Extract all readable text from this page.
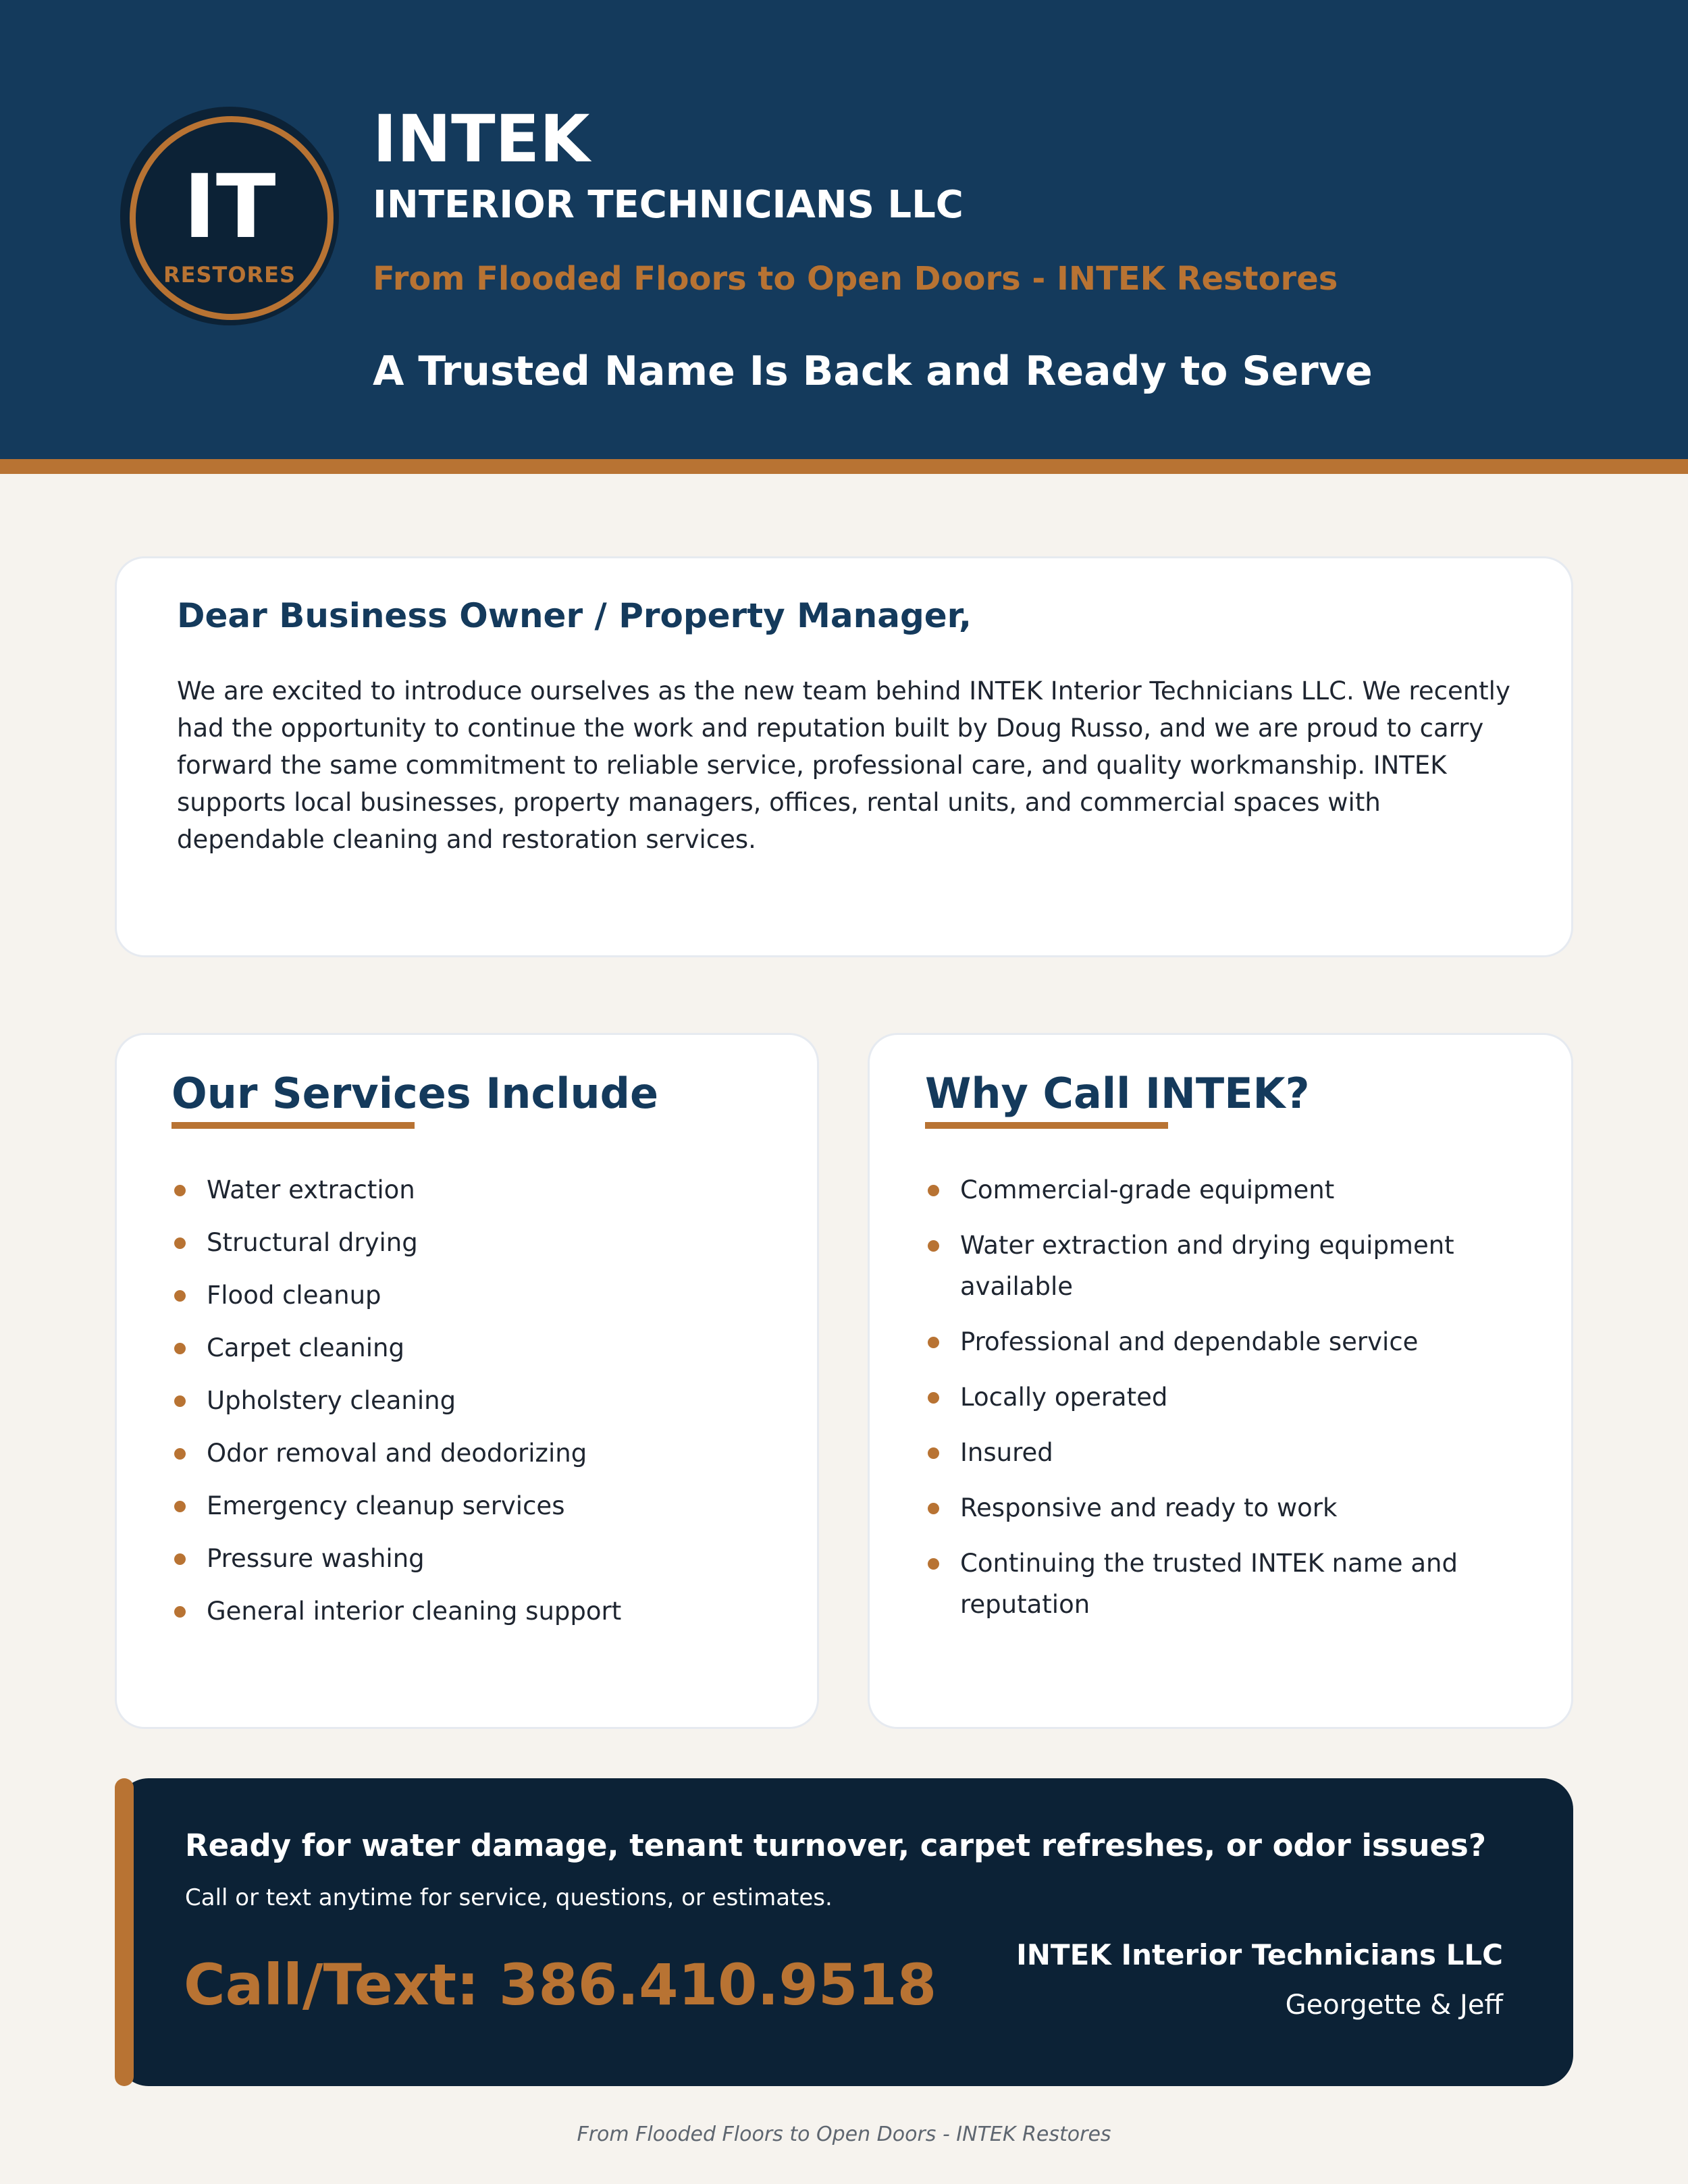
IT
RESTORES
INTEK
INTERIOR TECHNICIANS LLC
From Flooded Floors to Open Doors - INTEK Restores
A Trusted Name Is Back and Ready to Serve
Dear Business Owner / Property Manager,
We are excited to introduce ourselves as the new team behind INTEK Interior Technicians LLC. We recently had the opportunity to continue the work and reputation built by Doug Russo, and we are proud to carry forward the same commitment to reliable service, professional care, and quality workmanship. INTEK supports local businesses, property managers, offices, rental units, and commercial spaces with dependable cleaning and restoration services.
Our Services Include
Water extraction
Structural drying
Flood cleanup
Carpet cleaning
Upholstery cleaning
Odor removal and deodorizing
Emergency cleanup services
Pressure washing
General interior cleaning support
Why Call INTEK?
Commercial-grade equipment
Water extraction and drying equipment available
Professional and dependable service
Locally operated
Insured
Responsive and ready to work
Continuing the trusted INTEK name and reputation
Ready for water damage, tenant turnover, carpet refreshes, or odor issues?
Call or text anytime for service, questions, or estimates.
Call/Text: 386.410.9518	INTEK Interior Technicians LLC
Georgette & Jeff
From Flooded Floors to Open Doors - INTEK Restores
